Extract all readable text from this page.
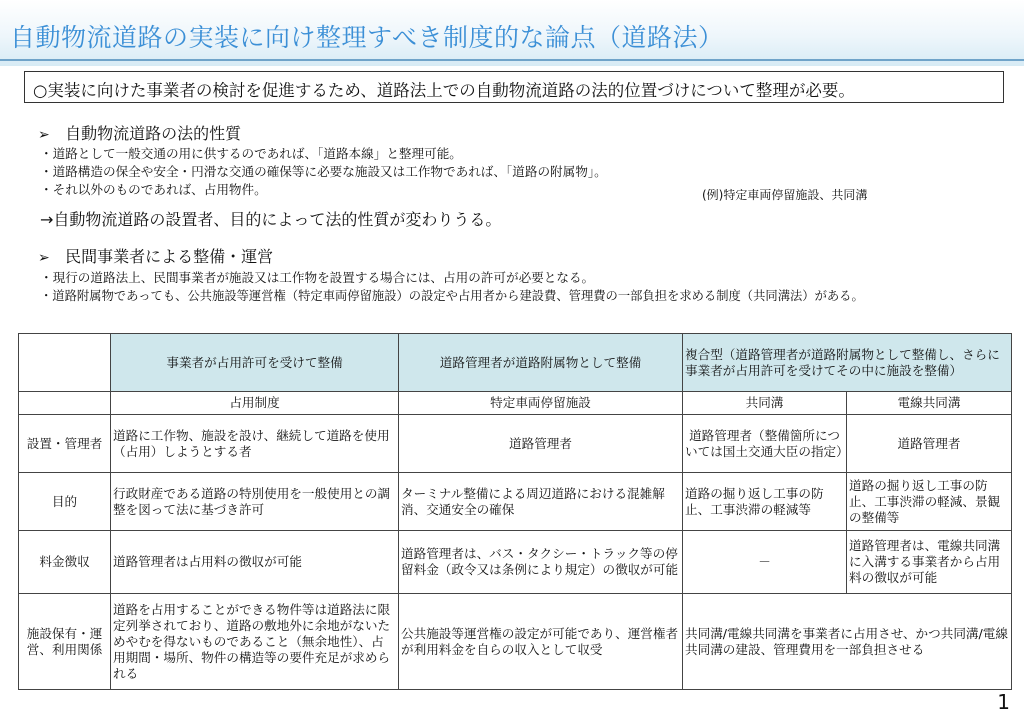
自動物流道路の実装に向け整理すべき制度的な論点（道路法）
○実装に向けた事業者の検討を促進するため、道路法上での自動物流道路の法的位置づけについて整理が必要。
➢ 自動物流道路の法的性質
・道路として一般交通の用に供するのであれば、「道路本線」と整理可能。
・道路構造の保全や安全・円滑な交通の確保等に必要な施設又は工作物であれば、「道路の附属物」。
・それ以外のものであれば、占用物件。	(例)特定車両停留施設、共同溝
→自動物流道路の設置者、目的によって法的性質が変わりうる。
➢ 民間事業者による整備・運営
・現行の道路法上、民間事業者が施設又は工作物を設置する場合には、占用の許可が必要となる。
・道路附属物であっても、公共施設等運営権（特定車両停留施設）の設定や占用者から建設費、管理費の一部負担を求める制度（共同溝法）がある。
	事業者が占用許可を受けて整備	道路管理者が道路附属物として整備	複合型（道路管理者が道路附属物として整備し、さらに事業者が占用許可を受けてその中に施設を整備）	
	占用制度	特定車両停留施設	共同溝	電線共同溝
設置・管理者	道路に工作物、施設を設け、継続して道路を使用（占用）しようとする者	道路管理者	道路管理者（整備箇所については国土交通大臣の指定）	道路管理者
目的	行政財産である道路の特別使用を一般使用との調整を図って法に基づき許可	ターミナル整備による周辺道路における混雑解消、交通安全の確保	道路の掘り返し工事の防止、工事渋滞の軽減等	道路の掘り返し工事の防止、工事渋滞の軽減、景観の整備等
料金徴収	道路管理者は占用料の徴収が可能	道路管理者は、バス・タクシー・トラック等の停留料金（政令又は条例により規定）の徴収が可能	－	道路管理者は、電線共同溝に入溝する事業者から占用料の徴収が可能
施設保有・運営、利用関係	道路を占用することができる物件等は道路法に限定列挙されており、道路の敷地外に余地がないためやむを得ないものであること（無余地性）、占用期間・場所、物件の構造等の要件充足が求められる	公共施設等運営権の設定が可能であり、運営権者が利用料金を自らの収入として収受	共同溝/電線共同溝を事業者に占用させ、かつ共同溝/電線共同溝の建設、管理費用を一部負担させる	
1
